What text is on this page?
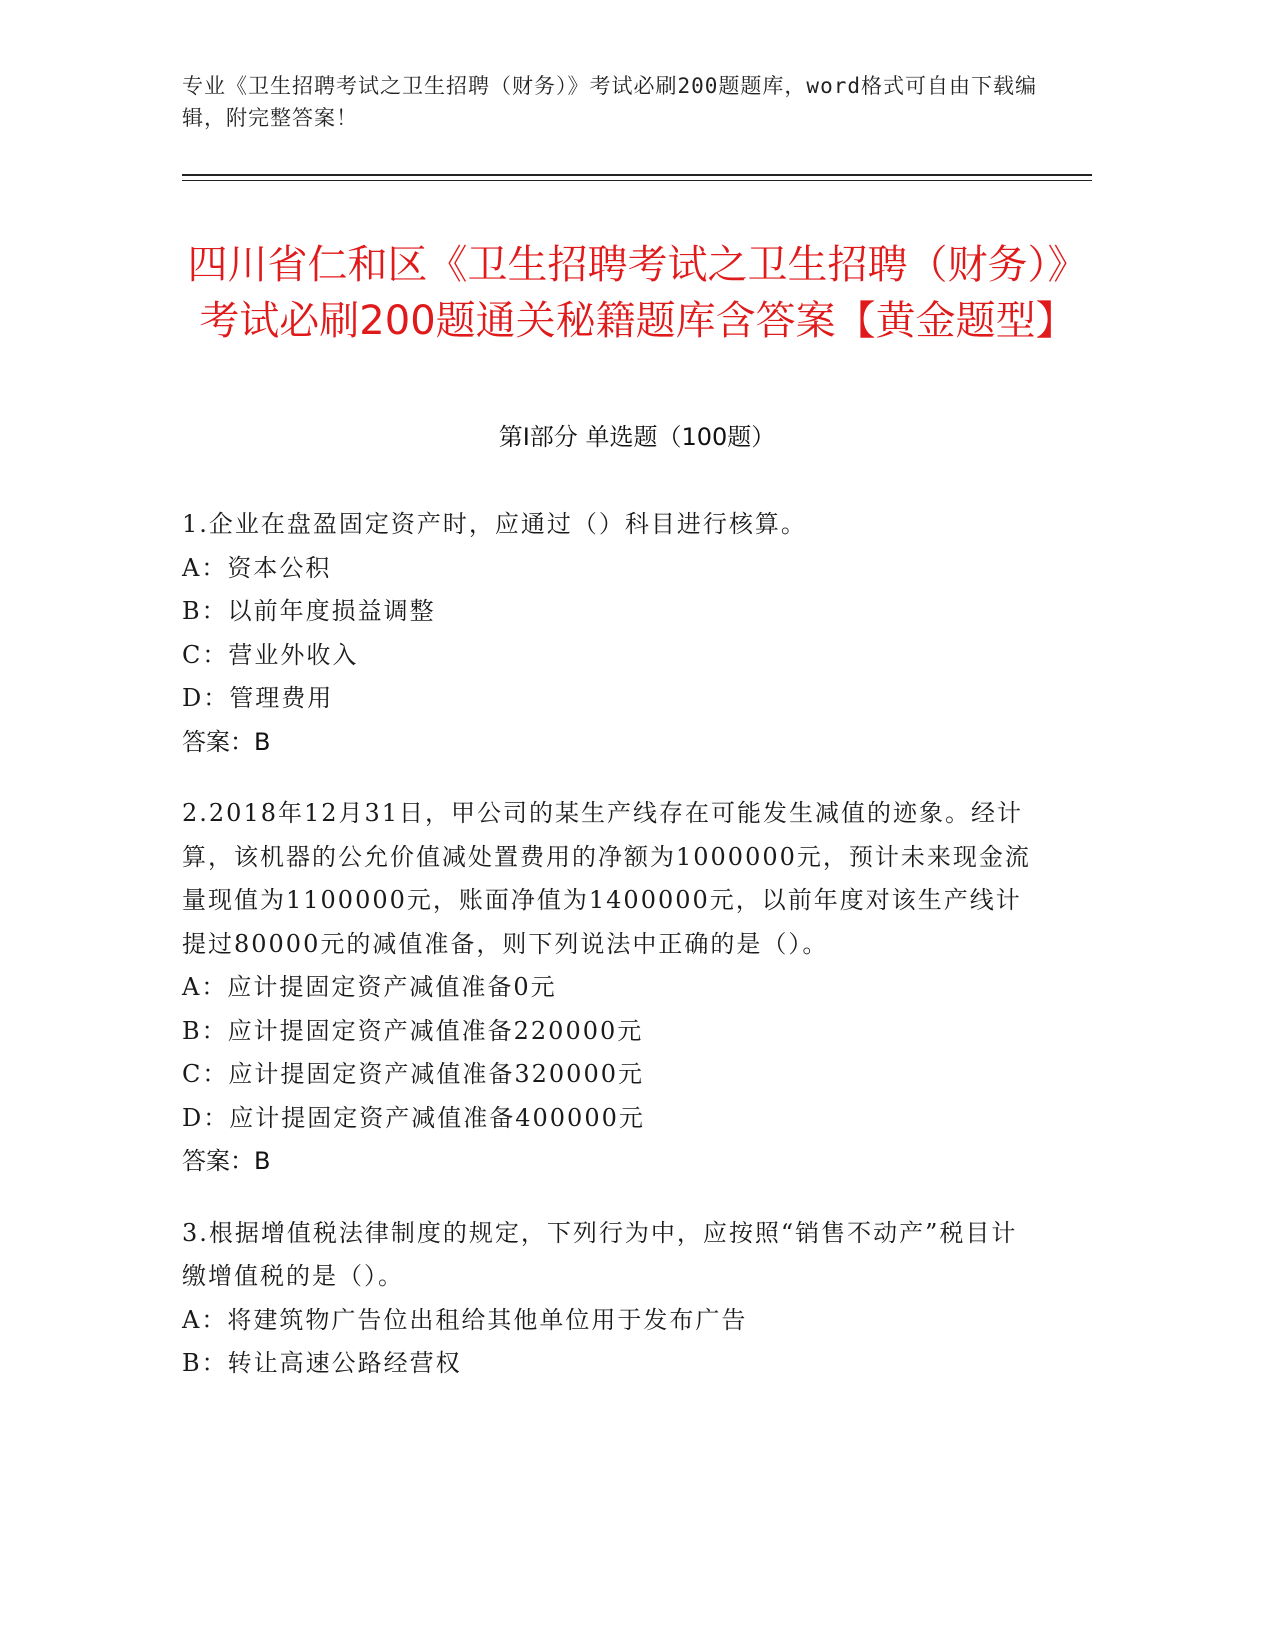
专业《卫生招聘考试之卫生招聘（财务）》考试必刷200题题库，word格式可自由下载编辑，附完整答案！
四川省仁和区《卫生招聘考试之卫生招聘（财务）》考试必刷200题通关秘籍题库含答案【黄金题型】
第Ⅰ部分 单选题（100题）
1.企业在盘盈固定资产时，应通过（）科目进行核算。
A：资本公积
B：以前年度损益调整
C：营业外收入
D：管理费用
答案：B
2.2018年12月31日，甲公司的某生产线存在可能发生减值的迹象。经计算，该机器的公允价值减处置费用的净额为1000000元，预计未来现金流量现值为1100000元，账面净值为1400000元，以前年度对该生产线计提过80000元的减值准备，则下列说法中正确的是（）。
A：应计提固定资产减值准备0元
B：应计提固定资产减值准备220000元
C：应计提固定资产减值准备320000元
D：应计提固定资产减值准备400000元
答案：B
3.根据增值税法律制度的规定，下列行为中，应按照“销售不动产”税目计缴增值税的是（）。
A：将建筑物广告位出租给其他单位用于发布广告
B：转让高速公路经营权
